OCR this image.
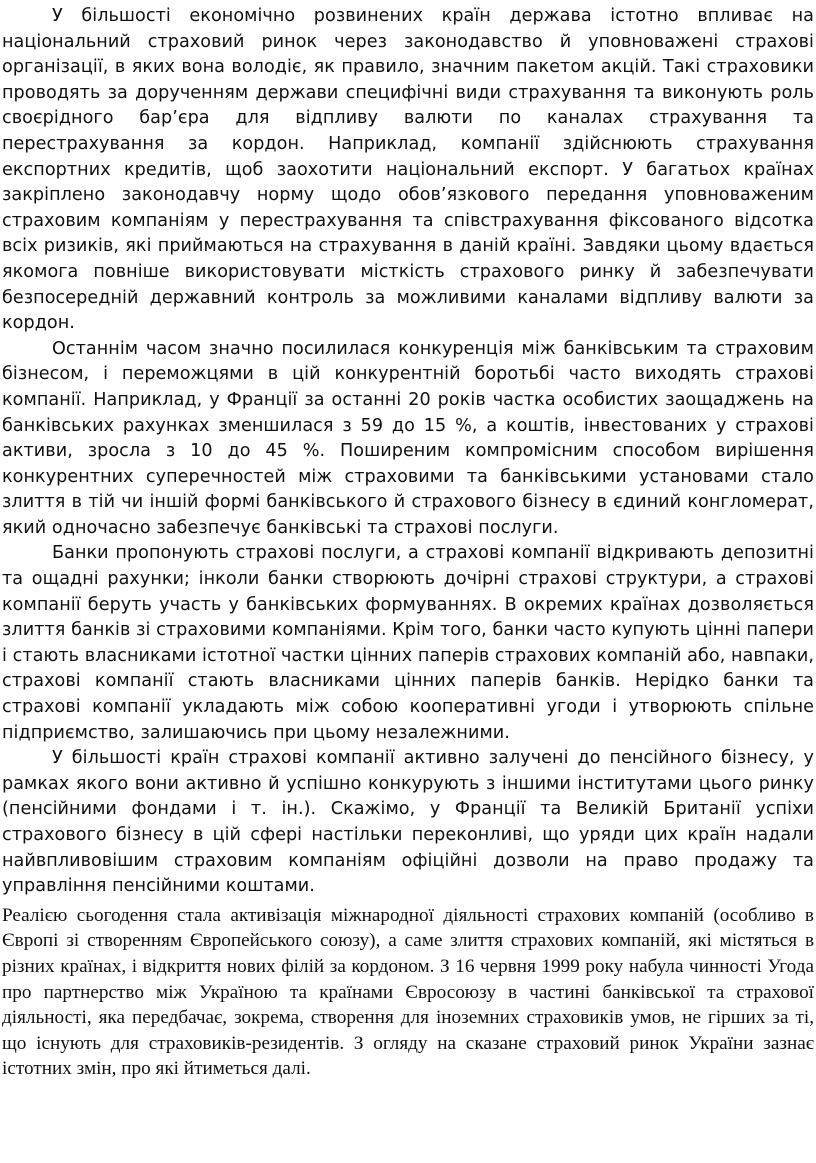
У більшості економічно розвинених країн держава істотно впливає на національний страховий ринок через законодавство й уповноважені страхові організації, в яких вона володіє, як правило, значним пакетом акцій. Такі страховики проводять за дорученням держави специфічні види страхування та виконують роль своєрідного бар’єра для відпливу валюти по каналах страхування та перестрахування за кордон. Наприклад, компанії здійснюють страхування експортних кредитів, щоб заохотити національний експорт. У багатьох країнах закріплено законодавчу норму щодо обов’язкового передання уповноваженим страховим компаніям у перестрахування та співстрахування фіксованого відсотка всіх ризиків, які приймаються на страхування в даній країні. Завдяки цьому вдається якомога повніше використовувати місткість страхового ринку й забезпечувати безпосередній державний контроль за можливими каналами відпливу валюти за кордон.

Останнім часом значно посилилася конкуренція між банківським та страховим бізнесом, і переможцями в цій конкурентній боротьбі часто виходять страхові компанії. Наприклад, у Франції за останні 20 років частка особистих заощаджень на банківських рахунках зменшилася з 59 до 15 %, а коштів, інвестованих у страхові активи, зросла з 10 до 45 %. Поширеним компромісним способом вирішення конкурентних суперечностей між страховими та банківськими установами стало злиття в тій чи іншій формі банківського й страхового бізнесу в єдиний конгломерат, який одночасно забезпечує банківські та страхові послуги.

Банки пропонують страхові послуги, а страхові компанії відкривають депозитні та ощадні рахунки; інколи банки створюють дочірні страхові структури, а страхові компанії беруть участь у банківських формуваннях. В окремих країнах дозволяється злиття банків зі страховими компаніями. Крім того, банки часто купують цінні папери і стають власниками істотної частки цінних паперів страхових компаній або, навпаки, страхові компанії стають власниками цінних паперів банків. Нерідко банки та страхові компанії укладають між собою кооперативні угоди і утворюють спільне підприємство, залишаючись при цьому незалежними.

У більшості країн страхові компанії активно залучені до пенсійного бізнесу, у рамках якого вони активно й успішно конкурують з іншими інститутами цього ринку (пенсійними фондами і т. ін.). Скажімо, у Франції та Великій Британії успіхи страхового бізнесу в цій сфері настільки переконливі, що уряди цих країн надали найвпливовішим страховим компаніям офіційні дозволи на право продажу та управління пенсійними коштами.

Реалією сьогодення стала активізація міжнародної діяльності страхових компаній (особливо в Європі зі створенням Європейського союзу), а саме злиття страхових компаній, які містяться в різних країнах, і відкриття нових філій за кордоном. З 16 червня 1999 року набула чинності Угода про партнерство між Україною та країнами Євросоюзу в частині банківської та страхової діяльності, яка передбачає, зокрема, створення для іноземних страховиків умов, не гірших за ті, що існують для страховиків-резидентів. З огляду на сказане страховий ринок України зазнає істотних змін, про які йтиметься далі.
